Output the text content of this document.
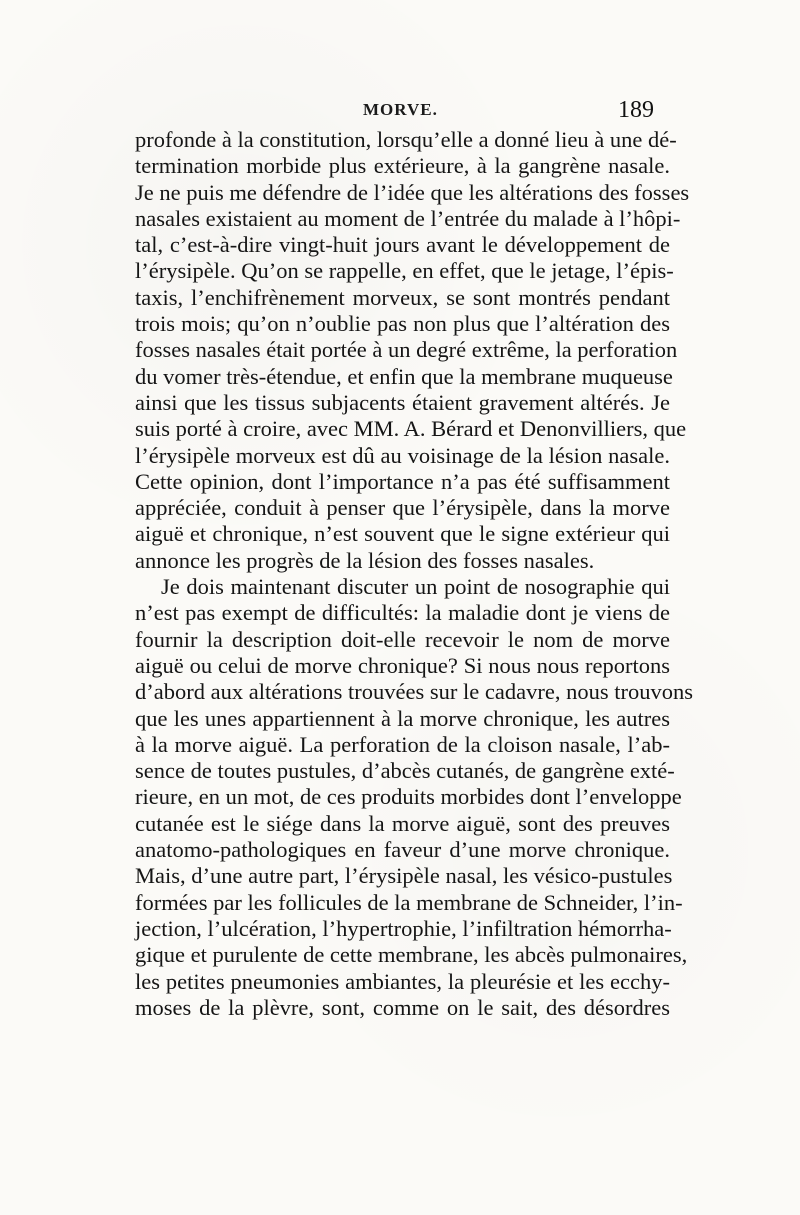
MORVE.	189
profonde à la constitution, lorsqu’elle a donné lieu à une dé-
termination morbide plus extérieure, à la gangrène nasale.
Je ne puis me défendre de l’idée que les altérations des fosses
nasales existaient au moment de l’entrée du malade à l’hôpi-
tal, c’est-à-dire vingt-huit jours avant le développement de
l’érysipèle. Qu’on se rappelle, en effet, que le jetage, l’épis-
taxis, l’enchifrènement morveux, se sont montrés pendant
trois mois; qu’on n’oublie pas non plus que l’altération des
fosses nasales était portée à un degré extrême, la perforation
du vomer très-étendue, et enfin que la membrane muqueuse
ainsi que les tissus subjacents étaient gravement altérés. Je
suis porté à croire, avec MM. A. Bérard et Denonvilliers, que
l’érysipèle morveux est dû au voisinage de la lésion nasale.
Cette opinion, dont l’importance n’a pas été suffisamment
appréciée, conduit à penser que l’érysipèle, dans la morve
aiguë et chronique, n’est souvent que le signe extérieur qui
annonce les progrès de la lésion des fosses nasales.
Je dois maintenant discuter un point de nosographie qui
n’est pas exempt de difficultés: la maladie dont je viens de
fournir la description doit-elle recevoir le nom de morve
aiguë ou celui de morve chronique? Si nous nous reportons
d’abord aux altérations trouvées sur le cadavre, nous trouvons
que les unes appartiennent à la morve chronique, les autres
à la morve aiguë. La perforation de la cloison nasale, l’ab-
sence de toutes pustules, d’abcès cutanés, de gangrène exté-
rieure, en un mot, de ces produits morbides dont l’enveloppe
cutanée est le siége dans la morve aiguë, sont des preuves
anatomo-pathologiques en faveur d’une morve chronique.
Mais, d’une autre part, l’érysipèle nasal, les vésico-pustules
formées par les follicules de la membrane de Schneider, l’in-
jection, l’ulcération, l’hypertrophie, l’infiltration hémorrha-
gique et purulente de cette membrane, les abcès pulmonaires,
les petites pneumonies ambiantes, la pleurésie et les ecchy-
moses de la plèvre, sont, comme on le sait, des désordres
